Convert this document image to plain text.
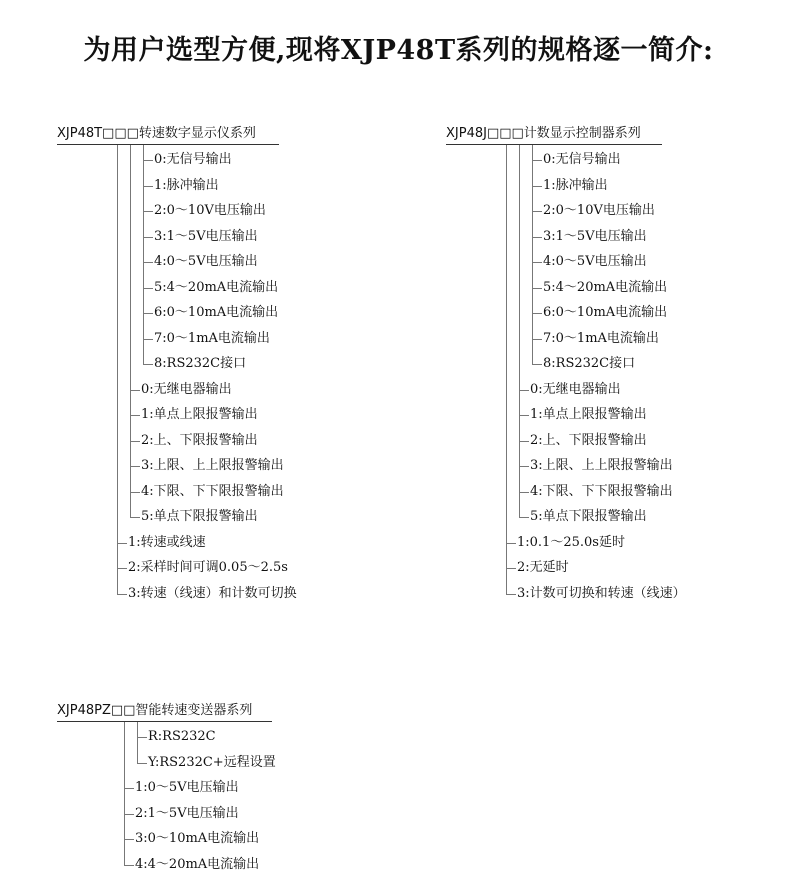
为用户选型方便,现将XJP48T系列的规格逐一简介:
XJP48T□□□转速数字显示仪系列
0:无信号输出
1:脉冲输出
2:0～10V电压输出
3:1～5V电压输出
4:0～5V电压输出
5:4～20mA电流输出
6:0～10mA电流输出
7:0～1mA电流输出
8:RS232C接口
0:无继电器输出
1:单点上限报警输出
2:上、下限报警输出
3:上限、上上限报警输出
4:下限、下下限报警输出
5:单点下限报警输出
1:转速或线速
2:采样时间可调0.05～2.5s
3:转速（线速）和计数可切换
XJP48J□□□计数显示控制器系列
0:无信号输出
1:脉冲输出
2:0～10V电压输出
3:1～5V电压输出
4:0～5V电压输出
5:4～20mA电流输出
6:0～10mA电流输出
7:0～1mA电流输出
8:RS232C接口
0:无继电器输出
1:单点上限报警输出
2:上、下限报警输出
3:上限、上上限报警输出
4:下限、下下限报警输出
5:单点下限报警输出
1:0.1～25.0s延时
2:无延时
3:计数可切换和转速（线速）
XJP48PZ□□智能转速变送器系列
R:RS232C
Y:RS232C+远程设置
1:0～5V电压输出
2:1～5V电压输出
3:0～10mA电流输出
4:4～20mA电流输出
